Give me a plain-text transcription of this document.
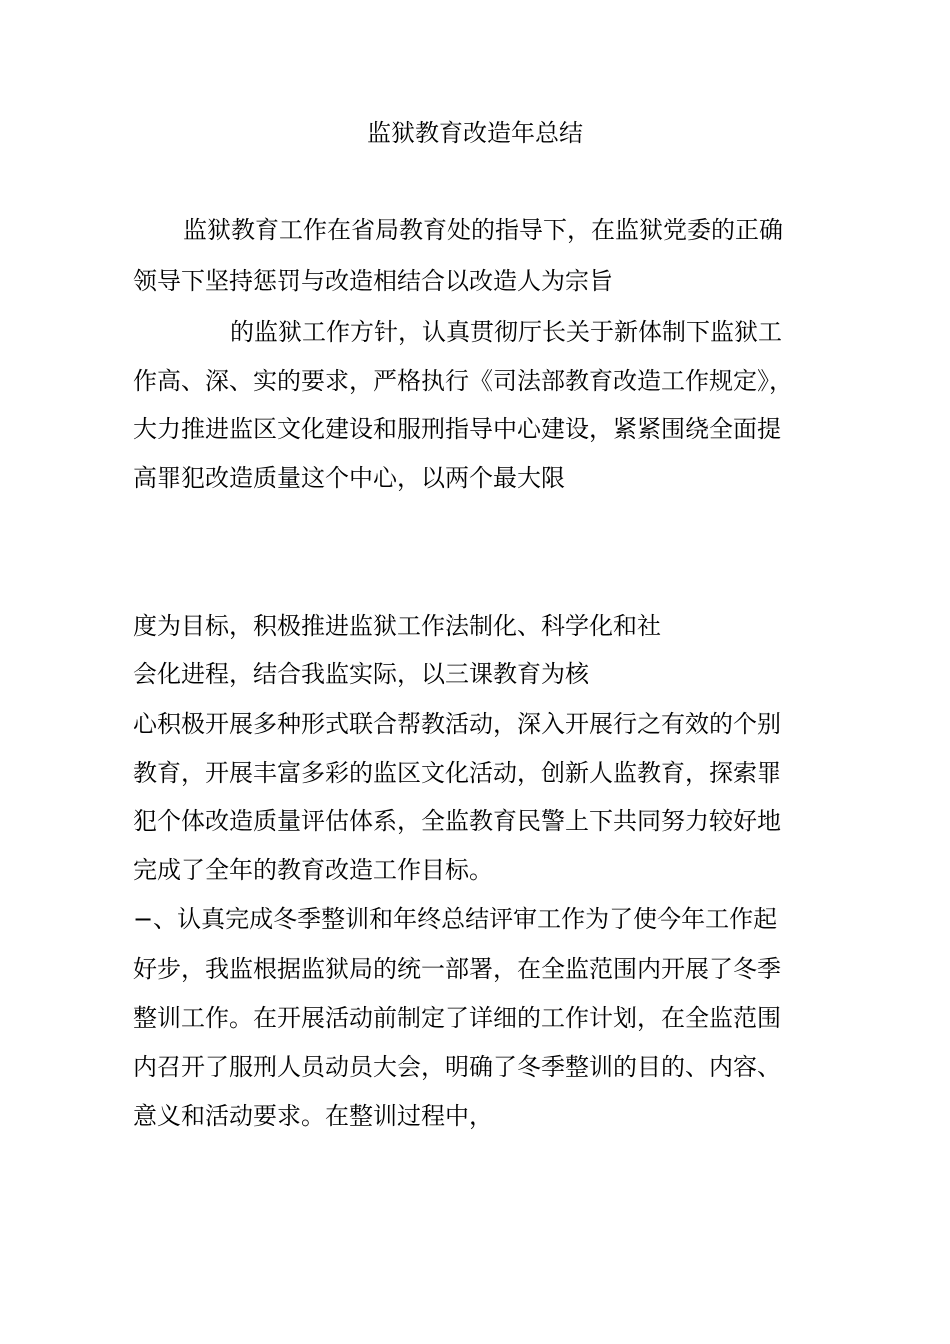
监狱教育改造年总结
监狱教育工作在省局教育处的指导下，在监狱党委的正确
领导下坚持惩罚与改造相结合以改造人为宗旨
的监狱工作方针，认真贯彻厅长关于新体制下监狱工
作高、深、实的要求，严格执行《司法部教育改造工作规定》，
大力推进监区文化建设和服刑指导中心建设，紧紧围绕全面提
高罪犯改造质量这个中心，以两个最大限
度为目标，积极推进监狱工作法制化、科学化和社
会化进程，结合我监实际，以三课教育为核
心积极开展多种形式联合帮教活动，深入开展行之有效的个别
教育，开展丰富多彩的监区文化活动，创新人监教育，探索罪
犯个体改造质量评估体系，全监教育民警上下共同努力较好地
完成了全年的教育改造工作目标。
−、认真完成冬季整训和年终总结评审工作为了使今年工作起
好步，我监根据监狱局的统一部署，在全监范围内开展了冬季
整训工作。在开展活动前制定了详细的工作计划，在全监范围
内召开了服刑人员动员大会，明确了冬季整训的目的、内容、
意义和活动要求。在整训过程中，
